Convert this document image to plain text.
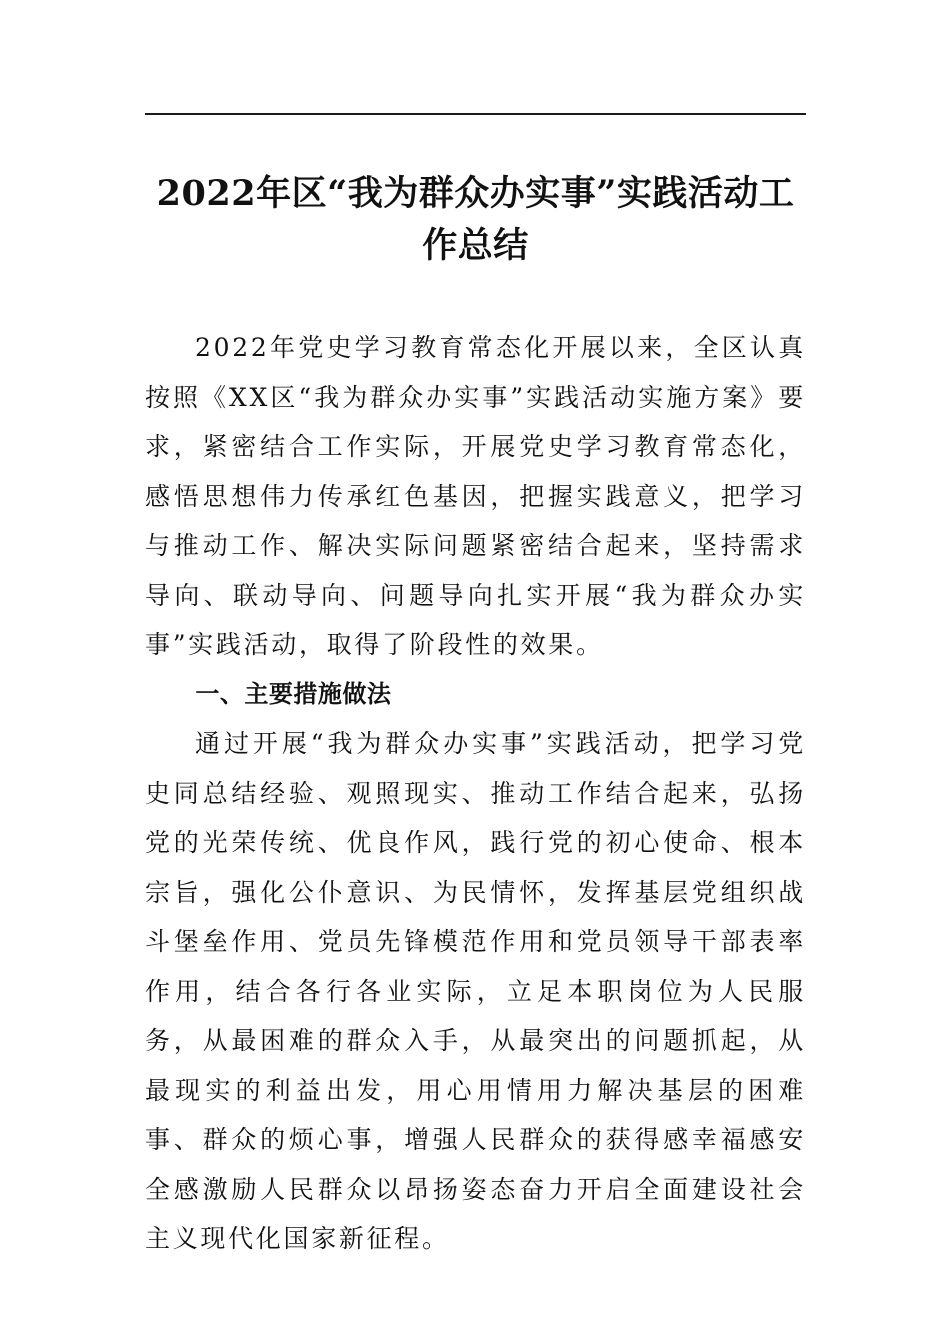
2022年区“我为群众办实事”实践活动工作总结

2022年党史学习教育常态化开展以来，全区认真按照《XX区“我为群众办实事”实践活动实施方案》要求，紧密结合工作实际，开展党史学习教育常态化，感悟思想伟力传承红色基因，把握实践意义，把学习与推动工作、解决实际问题紧密结合起来，坚持需求导向、联动导向、问题导向扎实开展“我为群众办实事”实践活动，取得了阶段性的效果。

一、主要措施做法

通过开展“我为群众办实事”实践活动，把学习党史同总结经验、观照现实、推动工作结合起来，弘扬党的光荣传统、优良作风，践行党的初心使命、根本宗旨，强化公仆意识、为民情怀，发挥基层党组织战斗堡垒作用、党员先锋模范作用和党员领导干部表率作用，结合各行各业实际，立足本职岗位为人民服务，从最困难的群众入手，从最突出的问题抓起，从最现实的利益出发，用心用情用力解决基层的困难事、群众的烦心事，增强人民群众的获得感幸福感安全感激励人民群众以昂扬姿态奋力开启全面建设社会主义现代化国家新征程。
